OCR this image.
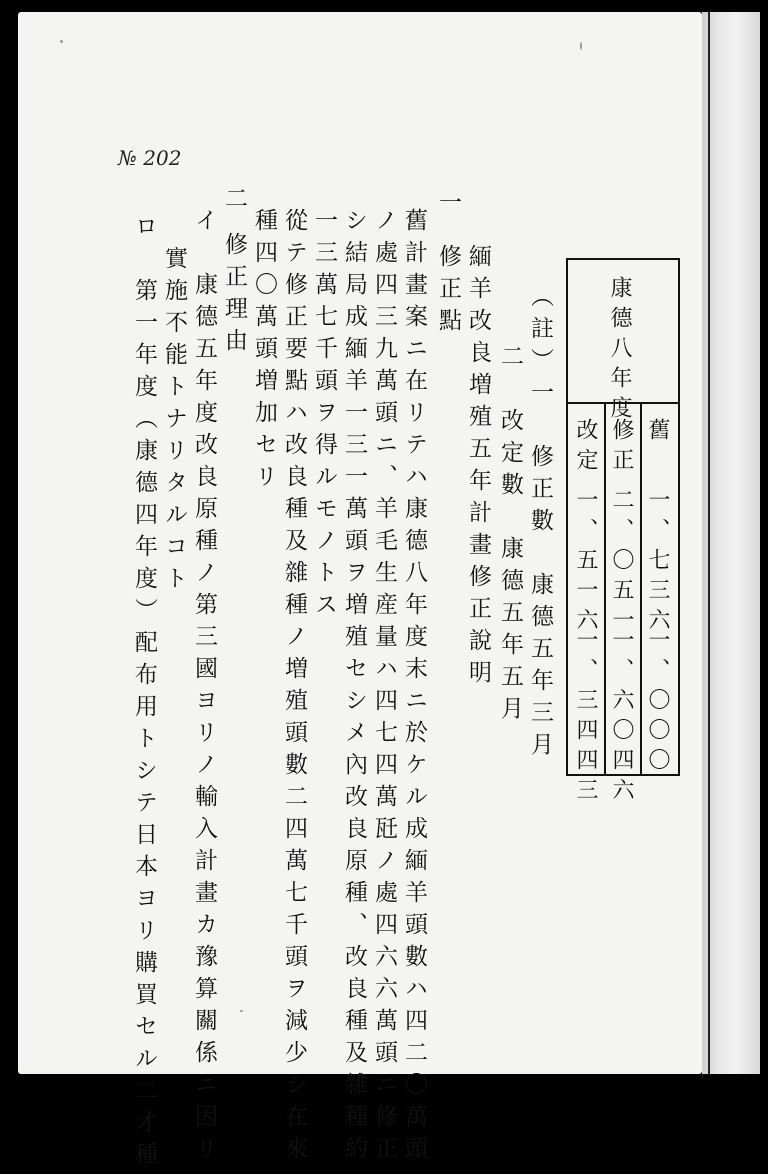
№ 202
康德八年度
舊
一、七三六
一、〇〇〇
修正
二、〇五一
一、六〇四六
改定
一、五一六
一、三四四三
（註）一　修正數　康德五年三月
二　改定數　康德五年五月
緬羊改良増殖五年計畫修正說明
一
修正點
舊計畫案ニ在リテハ康德八年度末ニ於ケル成緬羊頭數ハ四二〇萬頭
ノ處四三九萬頭ニ、羊毛生産量ハ四七四萬瓩ノ處四六六萬頭ニ修正
シ結局成緬羊一三一萬頭ヲ増殖セシメ內改良原種、改良種及雜種約
一三萬七千頭ヲ得ルモノトス
從テ修正要點ハ改良種及雜種ノ増殖頭數二四萬七千頭ヲ減少シ在來
種四〇萬頭増加セリ
二
修正理由
イ　康德五年度改良原種ノ第三國ヨリノ輸入計畫カ豫算關係ニ因リ
實施不能トナリタルコト
ロ　第一年度（康德四年度）配布用トシテ日本ヨリ購買セル二才種
